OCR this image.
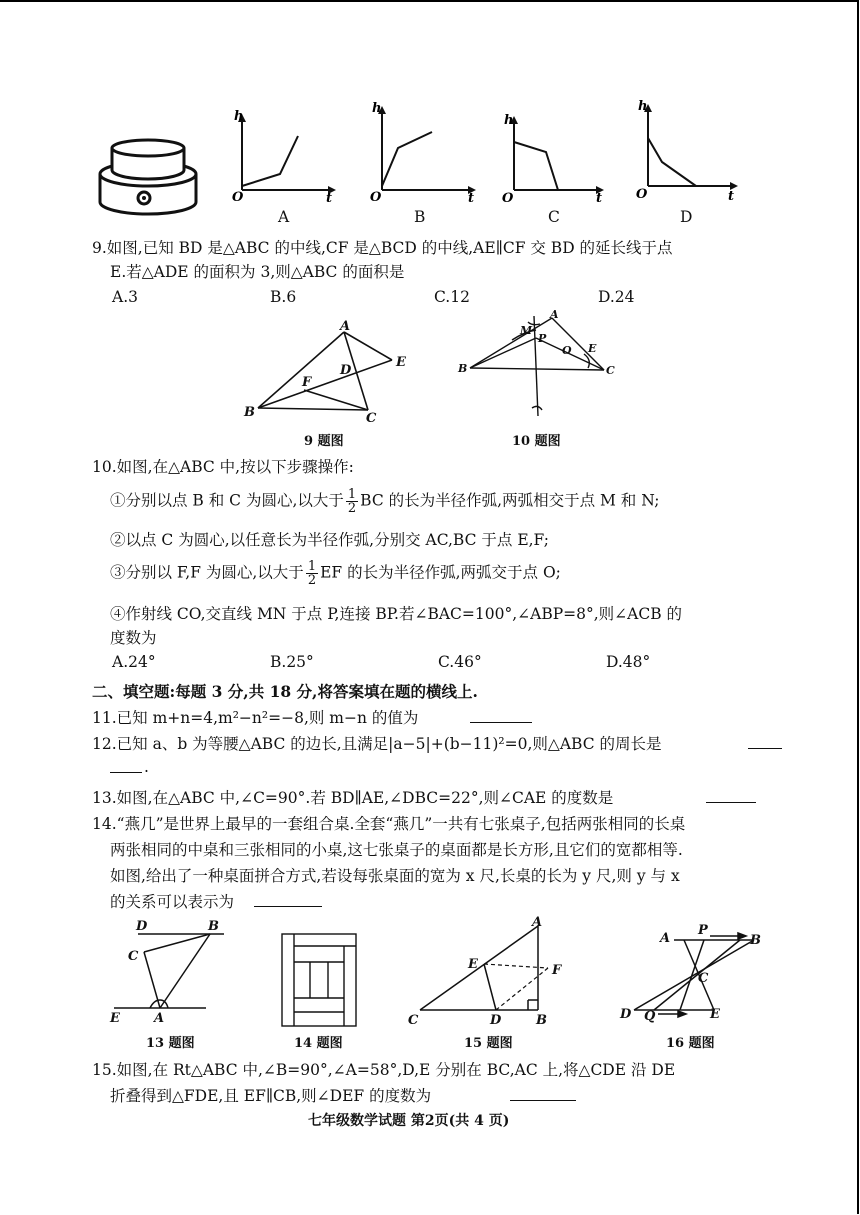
h
O	t
A
h
O	t
B
h
O	t
C
h
O	t
D
9.如图,已知 BD 是△ABC 的中线,CF 是△BCD 的中线,AE∥CF 交 BD 的延长线于点
E.若△ADE 的面积为 3,则△ABC 的面积是
A.3	B.6	C.12	D.24
A
B	C
D
E
F
9 题图
A
B	C
M
P
O E
10 题图
10.如图,在△ABC 中,按以下步骤操作:
①分别以点 B 和 C 为圆心,以大于 $\frac{1}{2}$ BC 的长为半径作弧,两弧相交于点 M 和 N;
②以点 C 为圆心,以任意长为半径作弧,分别交 AC,BC 于点 E,F;
③分别以 F,F 为圆心,以大于 $\frac{1}{2}$ EF 的长为半径作弧,两弧交于点 O;
④作射线 CO,交直线 MN 于点 P,连接 BP.若∠BAC=100°,∠ABP=8°,则∠ACB 的
度数为
A.24°	B.25°	C.46°	D.48°
二、填空题:每题 3 分,共 18 分,将答案填在题的横线上.
11.已知 m+n=4,m²−n²=−8,则 m−n 的值为
12.已知 a、b 为等腰△ABC 的边长,且满足|a−5|+(b−11)²=0,则△ABC 的周长是
.
13.如图,在△ABC 中,∠C=90°.若 BD∥AE,∠DBC=22°,则∠CAE 的度数是
14.“燕几”是世界上最早的一套组合桌.全套“燕几”一共有七张桌子,包括两张相同的长桌
两张相同的中桌和三张相同的小桌,这七张桌子的桌面都是长方形,且它们的宽都相等.
如图,给出了一种桌面拼合方式,若设每张桌面的宽为 x 尺,长桌的长为 y 尺,则 y 与 x
的关系可以表示为
D	B
C
E	A
13 题图	14 题图
A
E	F
C	D	B
15 题图
A
P
B
C
D Q	E
16 题图
15.如图,在 Rt△ABC 中,∠B=90°,∠A=58°,D,E 分别在 BC,AC 上,将△CDE 沿 DE
折叠得到△FDE,且 EF∥CB,则∠DEF 的度数为
七年级数学试题 第2页(共 4 页)
